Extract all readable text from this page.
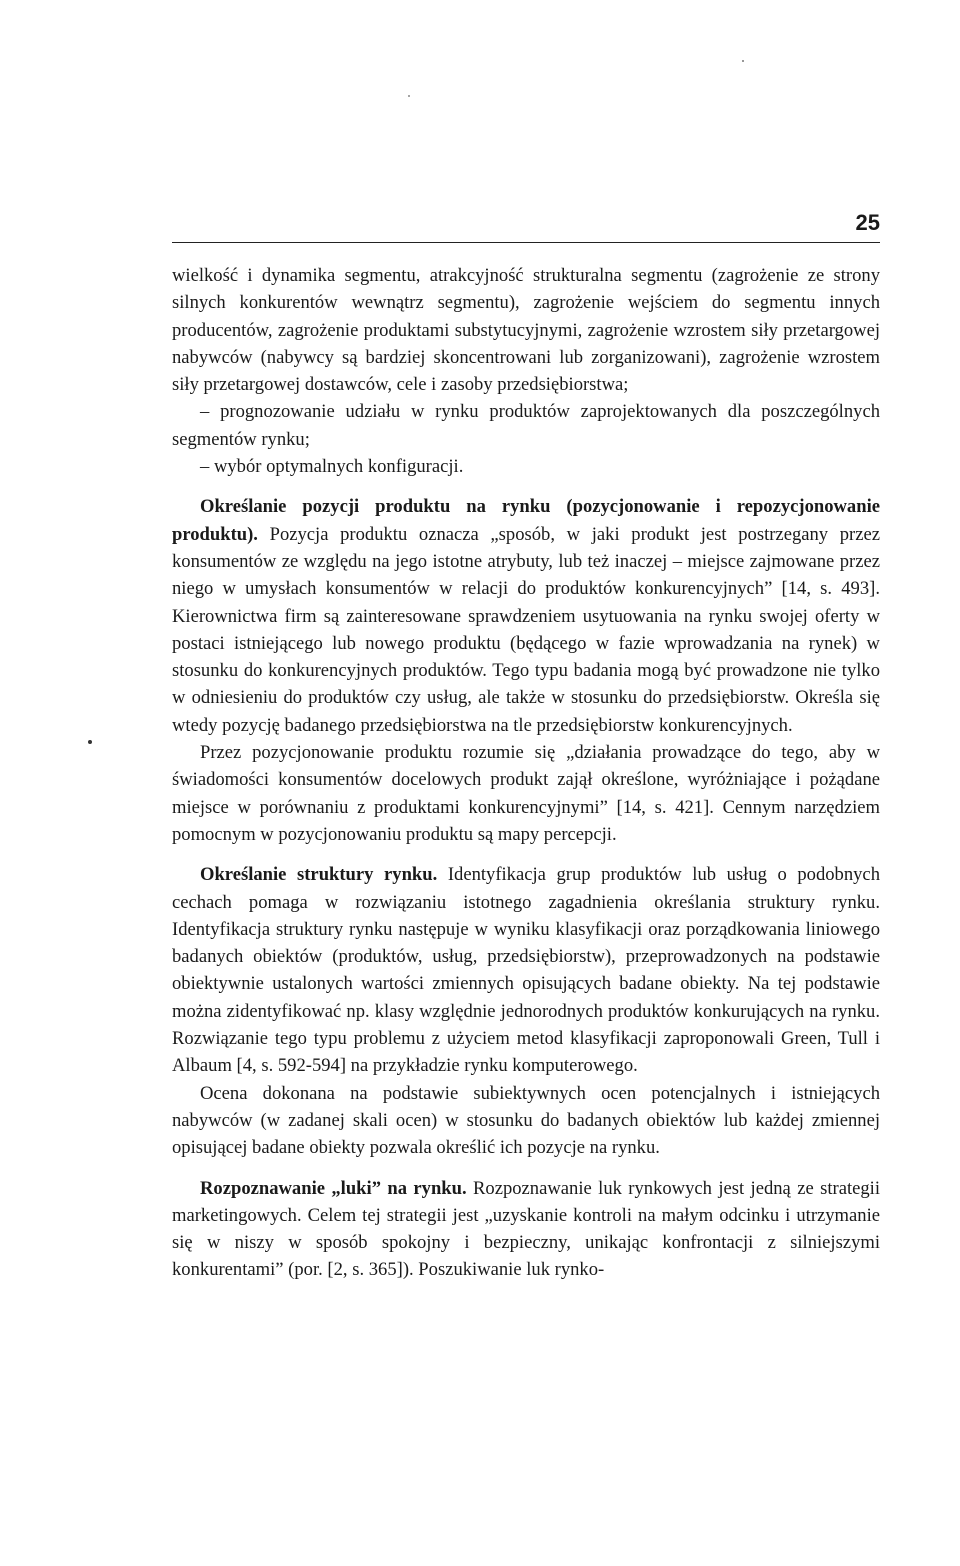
25

wielkość i dynamika segmentu, atrakcyjność strukturalna segmentu (zagrożenie ze strony silnych konkurentów wewnątrz segmentu), zagrożenie wejściem do segmentu innych producentów, zagrożenie produktami substytucyjnymi, zagrożenie wzrostem siły przetargowej nabywców (nabywcy są bardziej skoncentrowani lub zorganizowani), zagrożenie wzrostem siły przetargowej dostawców, cele i zasoby przedsiębiorstwa;

– prognozowanie udziału w rynku produktów zaprojektowanych dla poszczególnych segmentów rynku;

– wybór optymalnych konfiguracji.

Określanie pozycji produktu na rynku (pozycjonowanie i repozycjonowanie produktu). Pozycja produktu oznacza „sposób, w jaki produkt jest postrzegany przez konsumentów ze względu na jego istotne atrybuty, lub też inaczej – miejsce zajmowane przez niego w umysłach konsumentów w relacji do produktów konkurencyjnych” [14, s. 493]. Kierownictwa firm są zainteresowane sprawdzeniem usytuowania na rynku swojej oferty w postaci istniejącego lub nowego produktu (będącego w fazie wprowadzania na rynek) w stosunku do konkurencyjnych produktów. Tego typu badania mogą być prowadzone nie tylko w odniesieniu do produktów czy usług, ale także w stosunku do przedsiębiorstw. Określa się wtedy pozycję badanego przedsiębiorstwa na tle przedsiębiorstw konkurencyjnych.

Przez pozycjonowanie produktu rozumie się „działania prowadzące do tego, aby w świadomości konsumentów docelowych produkt zajął określone, wyróżniające i pożądane miejsce w porównaniu z produktami konkurencyjnymi” [14, s. 421]. Cennym narzędziem pomocnym w pozycjonowaniu produktu są mapy percepcji.

Określanie struktury rynku. Identyfikacja grup produktów lub usług o podobnych cechach pomaga w rozwiązaniu istotnego zagadnienia określania struktury rynku. Identyfikacja struktury rynku następuje w wyniku klasyfikacji oraz porządkowania liniowego badanych obiektów (produktów, usług, przedsiębiorstw), przeprowadzonych na podstawie obiektywnie ustalonych wartości zmiennych opisujących badane obiekty. Na tej podstawie można zidentyfikować np. klasy względnie jednorodnych produktów konkurujących na rynku. Rozwiązanie tego typu problemu z użyciem metod klasyfikacji zaproponowali Green, Tull i Albaum [4, s. 592-594] na przykładzie rynku komputerowego.

Ocena dokonana na podstawie subiektywnych ocen potencjalnych i istniejących nabywców (w zadanej skali ocen) w stosunku do badanych obiektów lub każdej zmiennej opisującej badane obiekty pozwala określić ich pozycje na rynku.

Rozpoznawanie „luki” na rynku. Rozpoznawanie luk rynkowych jest jedną ze strategii marketingowych. Celem tej strategii jest „uzyskanie kontroli na małym odcinku i utrzymanie się w niszy w sposób spokojny i bezpieczny, unikając konfrontacji z silniejszymi konkurentami” (por. [2, s. 365]). Poszukiwanie luk rynko-
